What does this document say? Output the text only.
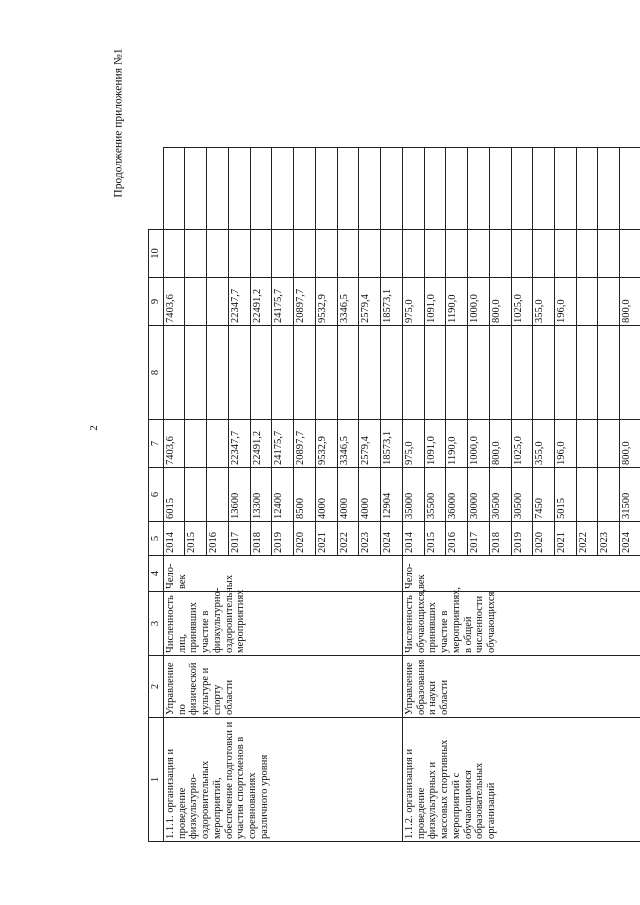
2
Продолжение приложения №1
1	2	3	4	5	6	7	8	9	10	
1.1.1. организация и проведение физкультурно-оздоровительных мероприятий, обеспечение подготовки и участия спортсменов в соревнованиях различного уровня	Управление по физической культуре и спорту области	Численность лиц, принявших участие в физкультурно-оздоровительных мероприятиях	Чело-век	2014	6015	7403,6		7403,6		
				2015						
				2016						
				2017	13600	22347,7		22347,7		
				2018	13300	22491,2		22491,2		
				2019	12400	24175,7		24175,7		
				2020	8500	20897,7		20897,7		
				2021	4000	9532,9		9532,9		
				2022	4000	3346,5		3346,5		
				2023	4000	2579,4		2579,4		
				2024	12904	18573,1		18573,1		
1.1.2. организация и проведение физкультурных и массовых спортивных мероприятий с обучающимися образовательных организаций	Управление образования и науки области	Численность обучающихся, принявших участие в мероприятиях, в общей численности обучающихся	Чело-век	2014	35000	975,0		975,0		
				2015	35500	1091,0		1091,0		
				2016	36000	1190,0		1190,0		
				2017	30000	1000,0		1000,0		
				2018	30500	800,0		800,0		
				2019	30500	1025,0		1025,0		
				2020	7450	355,0		355,0		
				2021	5015	196,0		196,0		
				2022						
				2023						
				2024	31500	800,0		800,0		
